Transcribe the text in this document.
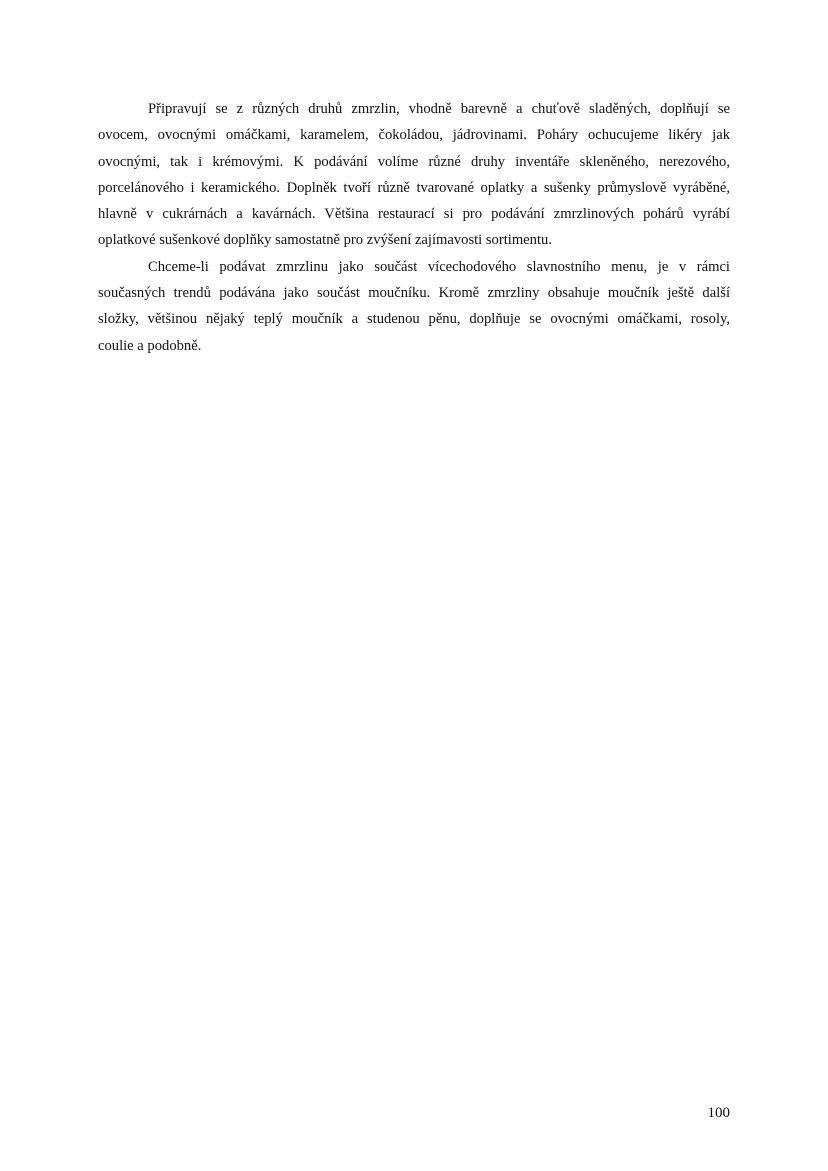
Připravují se z různých druhů zmrzlin, vhodně barevně a chuťově sladěných, doplňují se
ovocem, ovocnými omáčkami, karamelem, čokoládou, jádrovinami. Poháry ochucujeme likéry jak
ovocnými, tak i krémovými. K podávání volíme různé druhy inventáře skleněného, nerezového,
porcelánového i keramického. Doplněk tvoří různě tvarované oplatky a sušenky průmyslově vyráběné,
hlavně v cukrárnách a kavárnách. Většina restaurací si pro podávání zmrzlinových pohárů vyrábí
oplatkové sušenkové doplňky samostatně pro zvýšení zajímavosti sortimentu.
Chceme-li podávat zmrzlinu jako součást vícechodového slavnostního menu, je v rámci
současných trendů podávána jako součást moučníku. Kromě zmrzliny obsahuje moučník ještě další
složky, většinou nějaký teplý moučník a studenou pěnu, doplňuje se ovocnými omáčkami, rosoly,
coulie a podobně.
100
